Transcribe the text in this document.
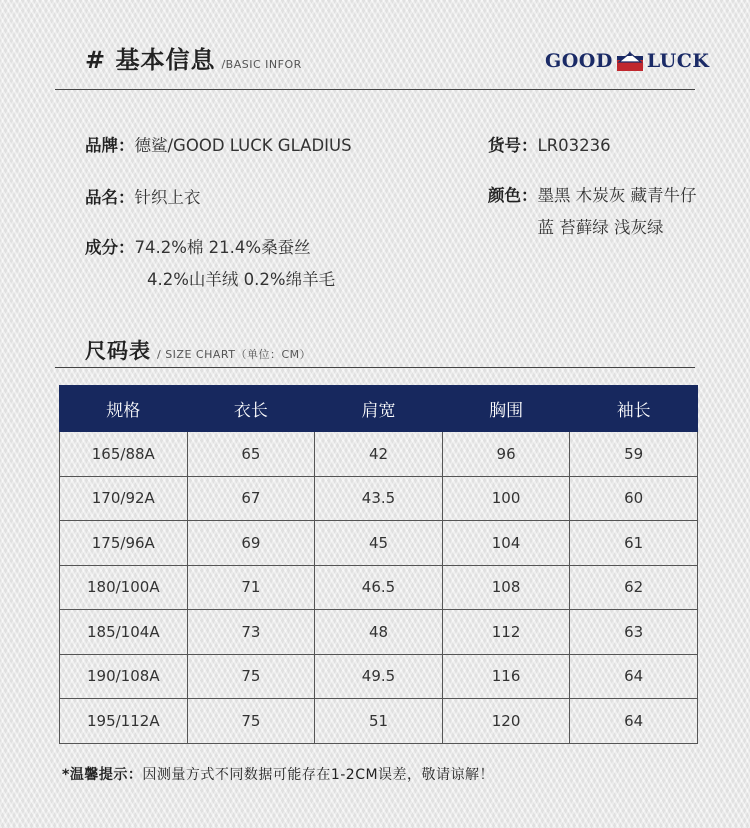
# 基本信息 /BASIC INFOR	GOOD LUCK
品牌：德鲨/GOOD LUCK GLADIUS
品名：针织上衣
成分：74.2%棉 21.4%桑蚕丝
4.2%山羊绒 0.2%绵羊毛
货号：LR03236
颜色：墨黑 木炭灰 藏青牛仔蓝 苔藓绿 浅灰绿
尺码表 / SIZE CHART（单位：CM）
规格	衣长	肩宽	胸围	袖长
165/88A	65	42	96	59
170/92A	67	43.5	100	60
175/96A	69	45	104	61
180/100A	71	46.5	108	62
185/104A	73	48	112	63
190/108A	75	49.5	116	64
195/112A	75	51	120	64
*温馨提示：因测量方式不同数据可能存在1-2CM误差，敬请谅解！
